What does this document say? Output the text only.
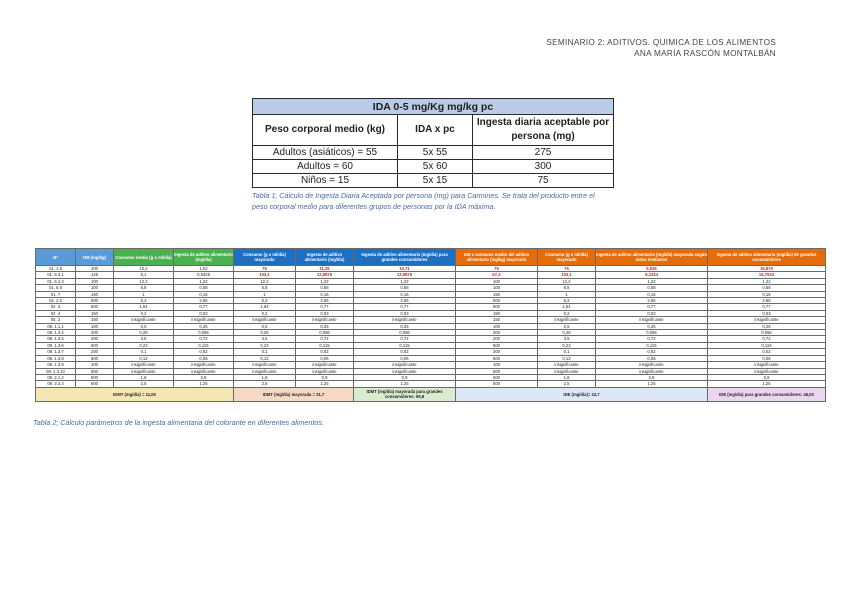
SEMINARIO 2: ADITIVOS. QUIMICA DE LOS ALIMENTOS
ANA MARÍA RASCÓN MONTALBÁN
IDA 0-5 mg/Kg mg/kg pc		
Peso corporal medio (kg)	IDA x pc	Ingesta diaria aceptable por persona (mg)
Adultos (asiáticos) = 55	5x 55	275
Adultos = 60	5x 60	300
Niños = 15	5x 15	75
Tabla 1; Cálculo de Ingesta Diaria Aceptada por persona (mg) para Carmines. Se trata del producto entre el peso corporal medio para diferentes grupos de personas por la IDA máxima.
Nº	DM (mg/kg)	Consumo medio (g o ml/día)	Ingesta de aditivo alimentario (mg/día)	Consumo (g o ml/día) mayorado	Ingesta de aditivo alimentario (mg/día)	Ingesta de aditivo alimentario (mg/día) para grandes consumidores	DM x consumo medio del aditivo alimentario (mg/kg) mayorado	Consumo (g o ml/día) mayorado	Ingesta de aditivo alimentario (mg/día) mayorada según datos medianos	Ingesta de aditivo alimentario (mg/día) de grandes consumidores
01. 1.8	100	10,2	1,02	75	11,25	10,71	75	75	5,625	16,875
01. 6.3.1	125	5,1	0,6425	103,1	12,8875	13,9875	67,2	103,1	6,2344	16,7533
01. 6.4.3	100	12,2	1,22	12,2	1,22	1,22	100	12,2	1,22	1,22
01. 6.5	100	6,8	0,68	6,8	0,68	0,68	100	6,8	0,68	0,68
01. 7	150	1	0,15	1	0,15	0,15	150	1	0,15	0,15
02. 2.2	500	5,3	2,65	5,3	2,65	2,65	500	5,3	2,65	2,65
02. 3	500	1,54	0,77	1,54	0,77	0,77	500	1,54	0,77	0,77
02. 4	150	0,2	0,03	0,2	0,03	0,03	150	0,2	0,03	0,03
05. 2	150	insignificante	insignificante	insignificante	insignificante	insignificante	150	insignificante	insignificante	insignificante
08. 1.1.1	100	0,5	0,25	0,5	0,25	0,25	100	0,5	0,25	0,25
08. 1.3.4	200	0,28	0,056	0,28	0,056	0,056	200	0,28	0,056	0,056
08. 1.3.5	200	3,6	0,72	3,6	0,72	0,72	200	3,6	0,72	0,72
08. 1.3.6	500	0,23	0,115	0,23	0,115	0,115	500	0,23	0,115	0,115
08. 1.3.7	200	0,1	0,02	0,1	0,02	0,02	200	0,1	0,02	0,02
08. 1.3.8	500	0,12	0,06	0,12	0,06	0,06	500	0,12	0,06	0,06
08. 1.3.9	100	insignificante	insignificante	insignificante	insignificante	insignificante	100	insignificante	insignificante	insignificante
08. 1.3.10	500	insignificante	insignificante	insignificante	insignificante	insignificante	500	insignificante	insignificante	insignificante
08. 2.1.2	500	1,8	0,9	1,8	0,9	0,9	500	1,8	0,9	0,9
08. 2.3.3	500	2,5	1,25	2,5	1,25	1,25	500	2,5	1,25	1,25
IDMT (mg/día) = 11,05				IDMT (mg/día) mayorada = 31,7		IDMT (mg/día) mayorada para grandes consumidores: 95,8	IDE (mg/día)= 23,7			IDE (mg/día) para grandes consumidores: 46,03
Tabla 2; Cálculo parámetros de la ingesta alimentaria del colorante en diferentes alimentos.
